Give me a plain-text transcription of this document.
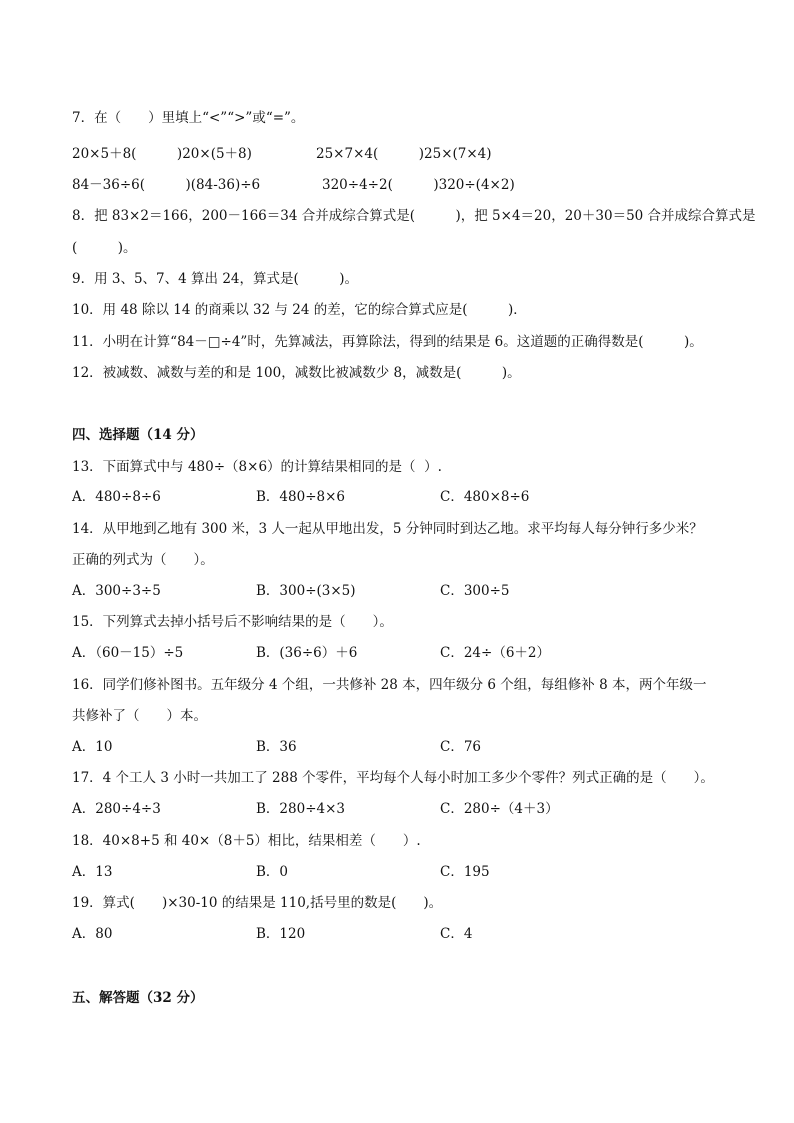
7．在（　　）里填上“<”“>”或“=”。
20×5＋8(　　　)20×(5＋8)	25×7×4(　　　)25×(7×4)
84－36÷6(　　　)(84-36)÷6	320÷4÷2(　　　)320÷(4×2)
8．把 83×2＝166，200－166＝34 合并成综合算式是(　　　)，把 5×4＝20，20＋30＝50 合并成综合算式是
(　　　)。
9．用 3、5、7、4 算出 24，算式是(　　　)。
10．用 48 除以 14 的商乘以 32 与 24 的差，它的综合算式应是(　　　)．
11．小明在计算“84－□÷4”时，先算减法，再算除法，得到的结果是 6。这道题的正确得数是(　　　)。
12．被减数、减数与差的和是 100，减数比被减数少 8，减数是(　　　)。
四、选择题（14 分）
13．下面算式中与 480÷（8×6）的计算结果相同的是（  ）.
A．480÷8÷6	B．480÷8×6	C．480×8÷6
14．从甲地到乙地有 300 米，3 人一起从甲地出发，5 分钟同时到达乙地。求平均每人每分钟行多少米？
正确的列式为（　　）。
A．300÷3÷5	B．300÷(3×5)	C．300÷5
15．下列算式去掉小括号后不影响结果的是（　　）。
A．（60－15）÷5	B．(36÷6）＋6	C．24÷（6＋2）
16．同学们修补图书。五年级分 4 个组，一共修补 28 本，四年级分 6 个组，每组修补 8 本，两个年级一
共修补了（　　）本。
A．10	B．36	C．76
17．4 个工人 3 小时一共加工了 288 个零件，平均每个人每小时加工多少个零件？列式正确的是（　　）。
A．280÷4÷3	B．280÷4×3	C．280÷（4＋3）
18．40×8+5 和 40×（8＋5）相比，结果相差（　　）.
A．13	B．0	C．195
19．算式(　　)×30-10 的结果是 110,括号里的数是(　　)。
A．80	B．120	C．4
五、解答题（32 分）
